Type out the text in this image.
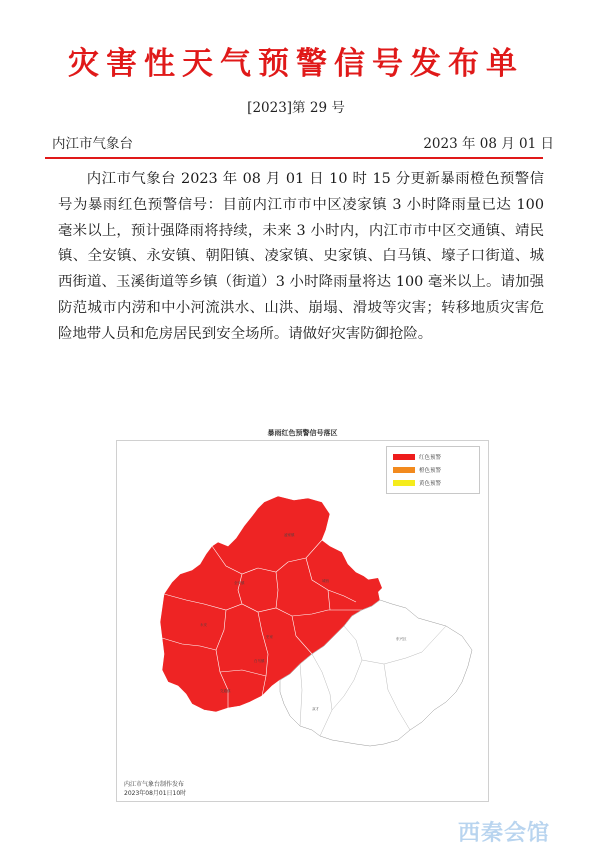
灾害性天气预警信号发布单
[2023]第 29 号
内江市气象台	2023 年 08 月 01 日

内江市气象台 2023 年 08 月 01 日 10 时 15 分更新暴雨橙色预警信号为暴雨红色预警信号：目前内江市市中区凌家镇 3 小时降雨量已达 100 毫米以上，预计强降雨将持续，未来 3 小时内，内江市市中区交通镇、靖民镇、全安镇、永安镇、朝阳镇、凌家镇、史家镇、白马镇、壕子口街道、城西街道、玉溪街道等乡镇（街道）3 小时降雨量将达 100 毫米以上。请加强防范城市内涝和中小河流洪水、山洪、崩塌、滑坡等灾害；转移地质灾害危险地带人员和危房居民到安全场所。请做好灾害防御抢险。

暴雨红色预警信号落区
凌家镇
全安镇	城西
永安
史家
白马镇
交通镇
东兴区
双才
红色预警
橙色预警
黄色预警
内江市气象台制作发布
2023年08月01日10时
西秦会馆
